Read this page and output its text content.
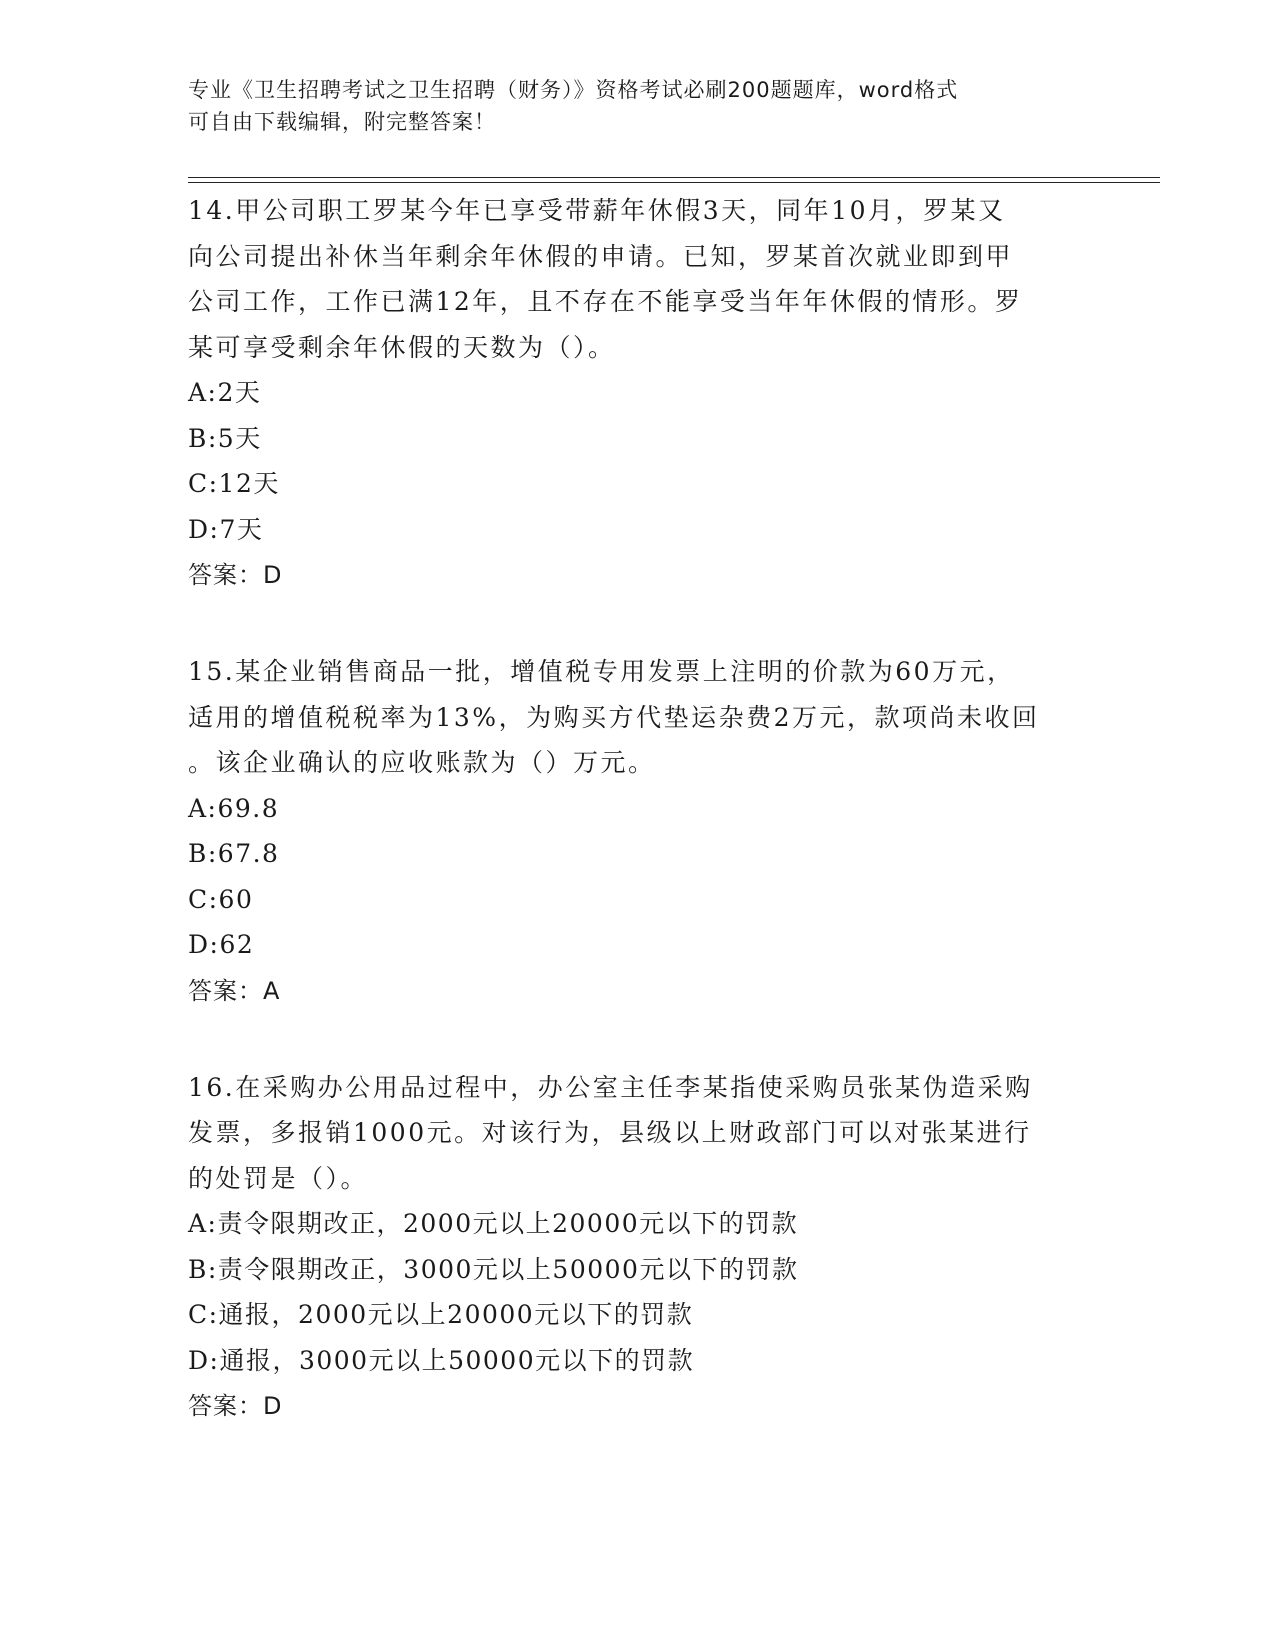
专业《卫生招聘考试之卫生招聘（财务）》资格考试必刷200题题库，word格式
可自由下载编辑，附完整答案！
14.甲公司职工罗某今年已享受带薪年休假3天，同年10月，罗某又
向公司提出补休当年剩余年休假的申请。已知，罗某首次就业即到甲
公司工作，工作已满12年，且不存在不能享受当年年休假的情形。罗
某可享受剩余年休假的天数为（）。
A:2天
B:5天
C:12天
D:7天
答案：D
15.某企业销售商品一批，增值税专用发票上注明的价款为60万元，
适用的增值税税率为13%，为购买方代垫运杂费2万元，款项尚未收回
。该企业确认的应收账款为（）万元。
A:69.8
B:67.8
C:60
D:62
答案：A
16.在采购办公用品过程中，办公室主任李某指使采购员张某伪造采购
发票，多报销1000元。对该行为，县级以上财政部门可以对张某进行
的处罚是（）。
A:责令限期改正，2000元以上20000元以下的罚款
B:责令限期改正，3000元以上50000元以下的罚款
C:通报，2000元以上20000元以下的罚款
D:通报，3000元以上50000元以下的罚款
答案：D
